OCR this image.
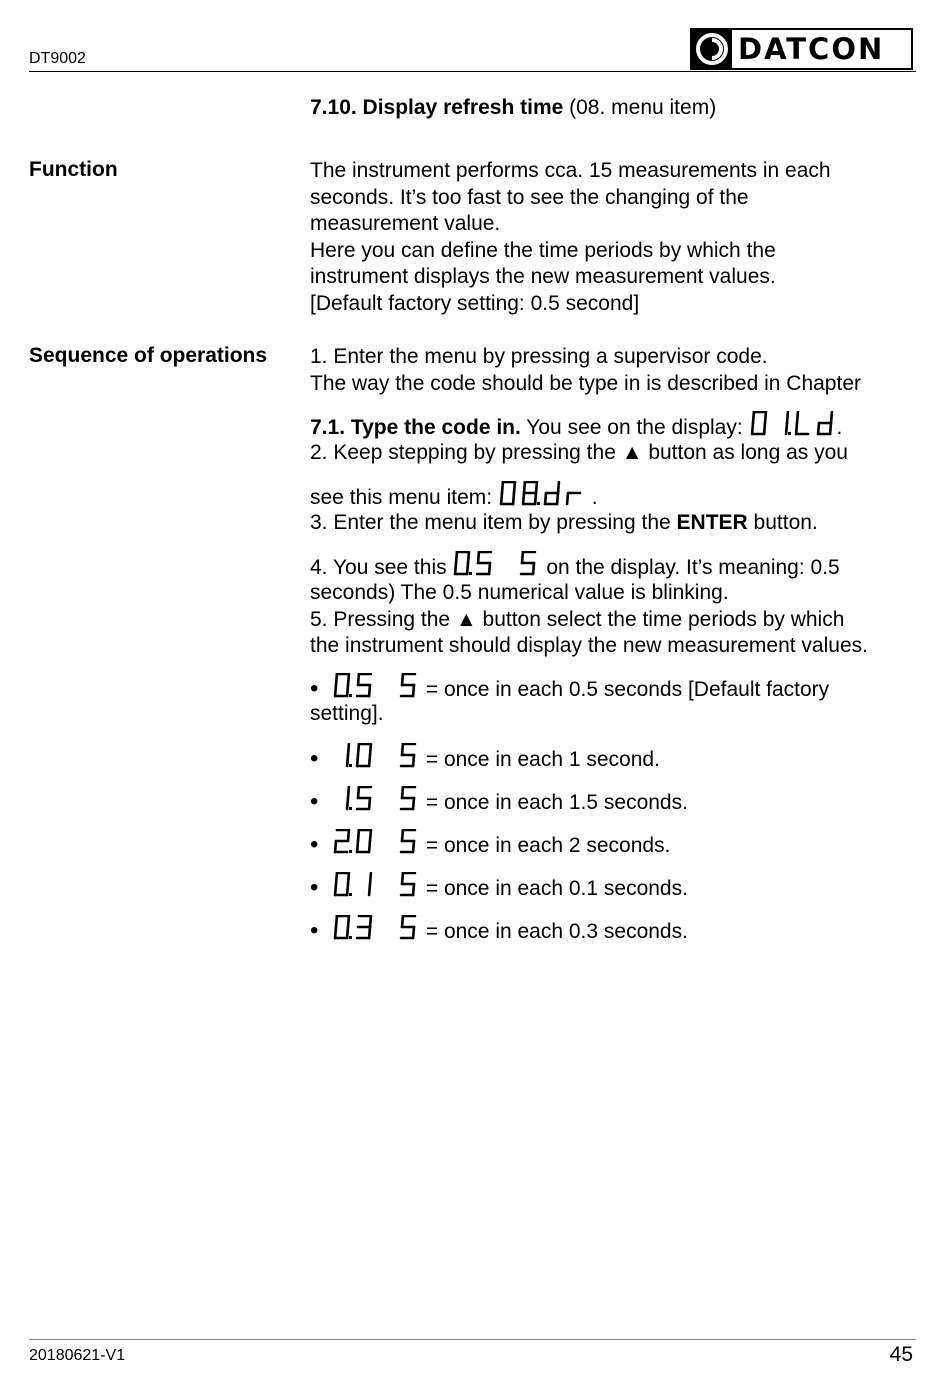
DT9002	DATCON
7.10. Display refresh time (08. menu item)
Function	The instrument performs cca. 15 measurements in each
seconds. It’s too fast to see the changing of the
measurement value.
Here you can define the time periods by which the
instrument displays the new measurement values.
[Default factory setting: 0.5 second]
Sequence of operations 1. Enter the menu by pressing a supervisor code.
The way the code should be type in is described in Chapter
7.1. Type the code in. You see on the display:	.
2. Keep stepping by pressing the ▲ button as long as you
see this menu item:	.
3. Enter the menu item by pressing the ENTER button.
4. You see this	on the display. It’s meaning: 0.5
seconds) The 0.5 numerical value is blinking.
5. Pressing the ▲ button select the time periods by which
the instrument should display the new measurement values.
•	= once in each 0.5 seconds [Default factory
setting].
•	= once in each 1 second.
•	= once in each 1.5 seconds.
•	= once in each 2 seconds.
•	= once in each 0.1 seconds.
•	= once in each 0.3 seconds.
20180621-V1	45
